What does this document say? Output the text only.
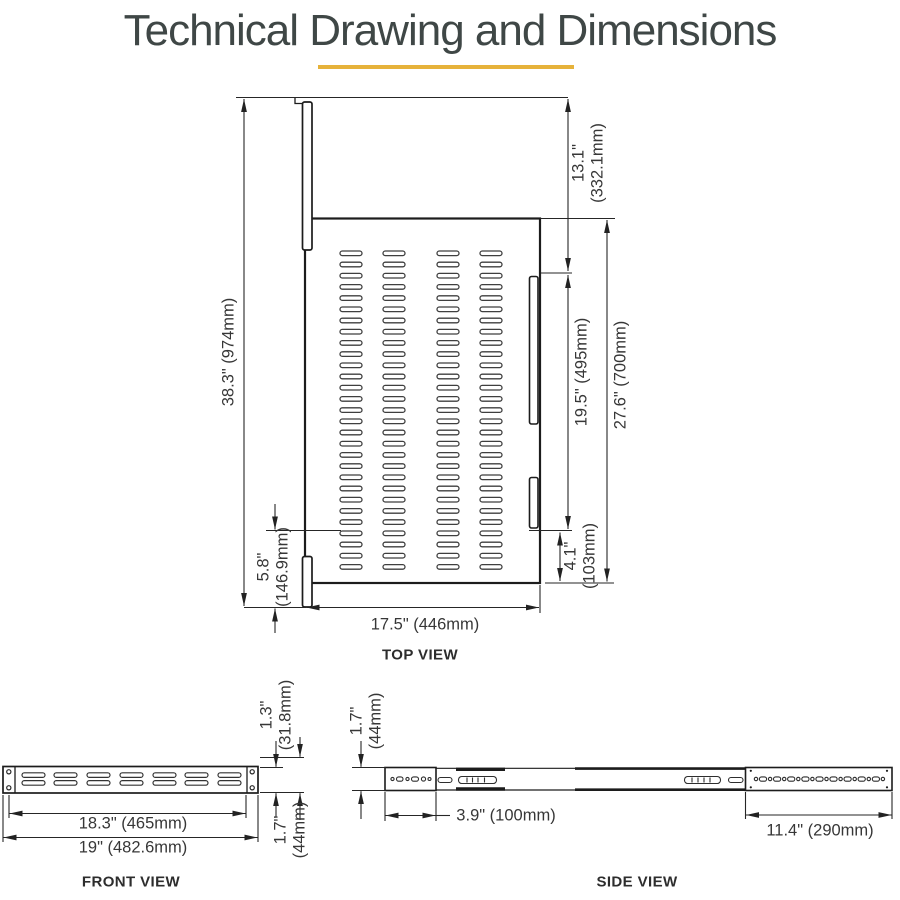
Technical Drawing and Dimensions
38.3" (974mm)
13.1" (332.1mm)
19.5" (495mm) 27.6" (700mm)
4.1" (103mm)
5.8" (146.9mm)
17.5" (446mm)
TOP VIEW
18.3" (465mm)
19" (482.6mm)
1.3" (31.8mm)
1.7" (44mm)
FRONT VIEW
1.7" (44mm)
3.9" (100mm)
11.4" (290mm)
SIDE VIEW
